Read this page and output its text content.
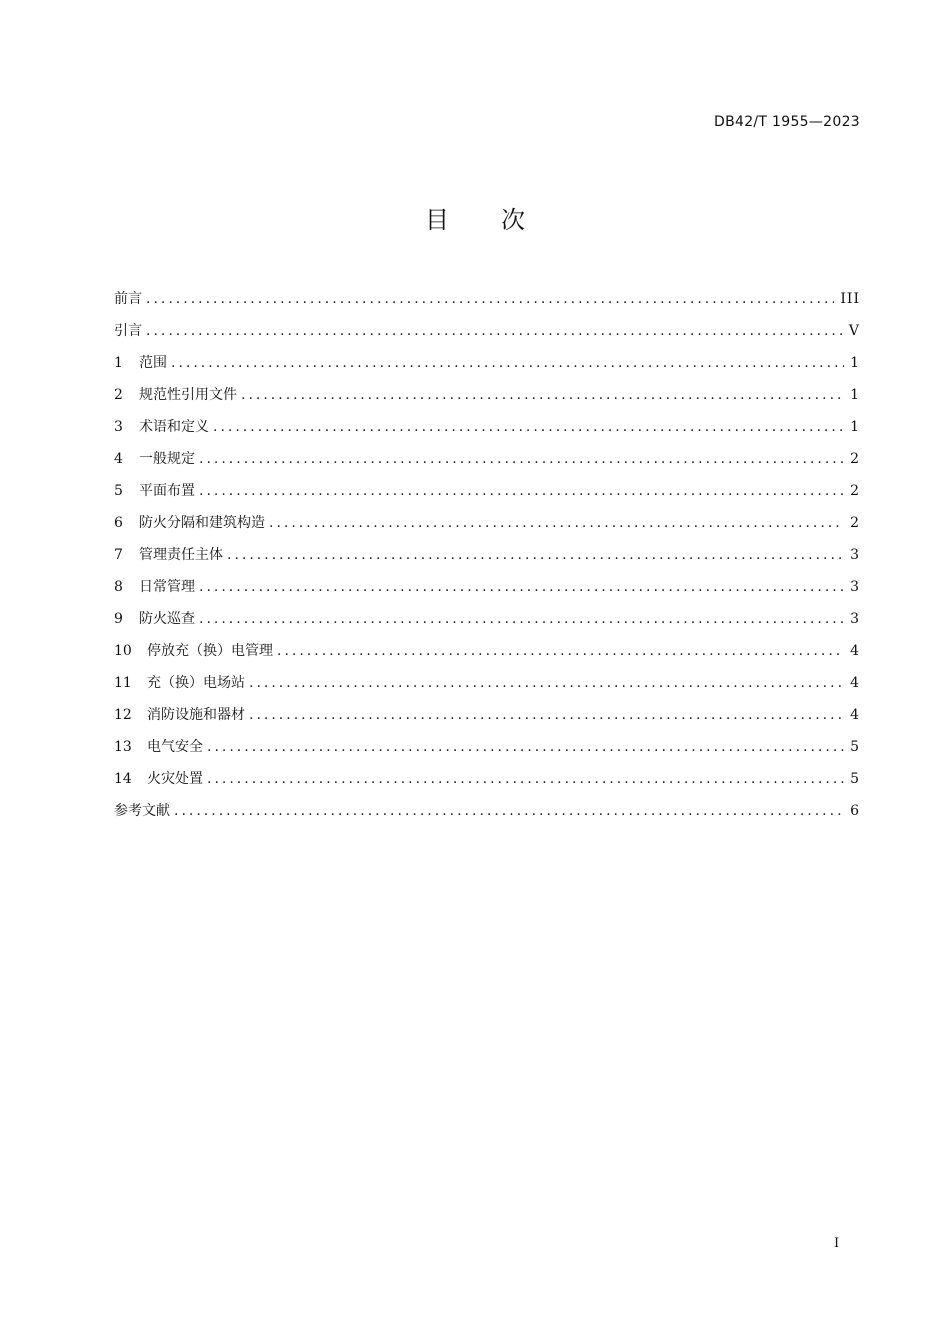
DB42/T 1955—2023
目 次
前言 .....	III
引言 .....	V
1	范围 .....	1
2	规范性引用文件 .....	1
3	术语和定义 .....	1
4	一般规定 .....	2
5	平面布置 .....	2
6	防火分隔和建筑构造 .....	2
7	管理责任主体 .....	3
8	日常管理 .....	3
9	防火巡查 .....	3
10	停放充（换）电管理 .....	4
11	充（换）电场站 .....	4
12	消防设施和器材 .....	4
13	电气安全 .....	5
14	火灾处置 .....	5
参考文献 .....	6
I
